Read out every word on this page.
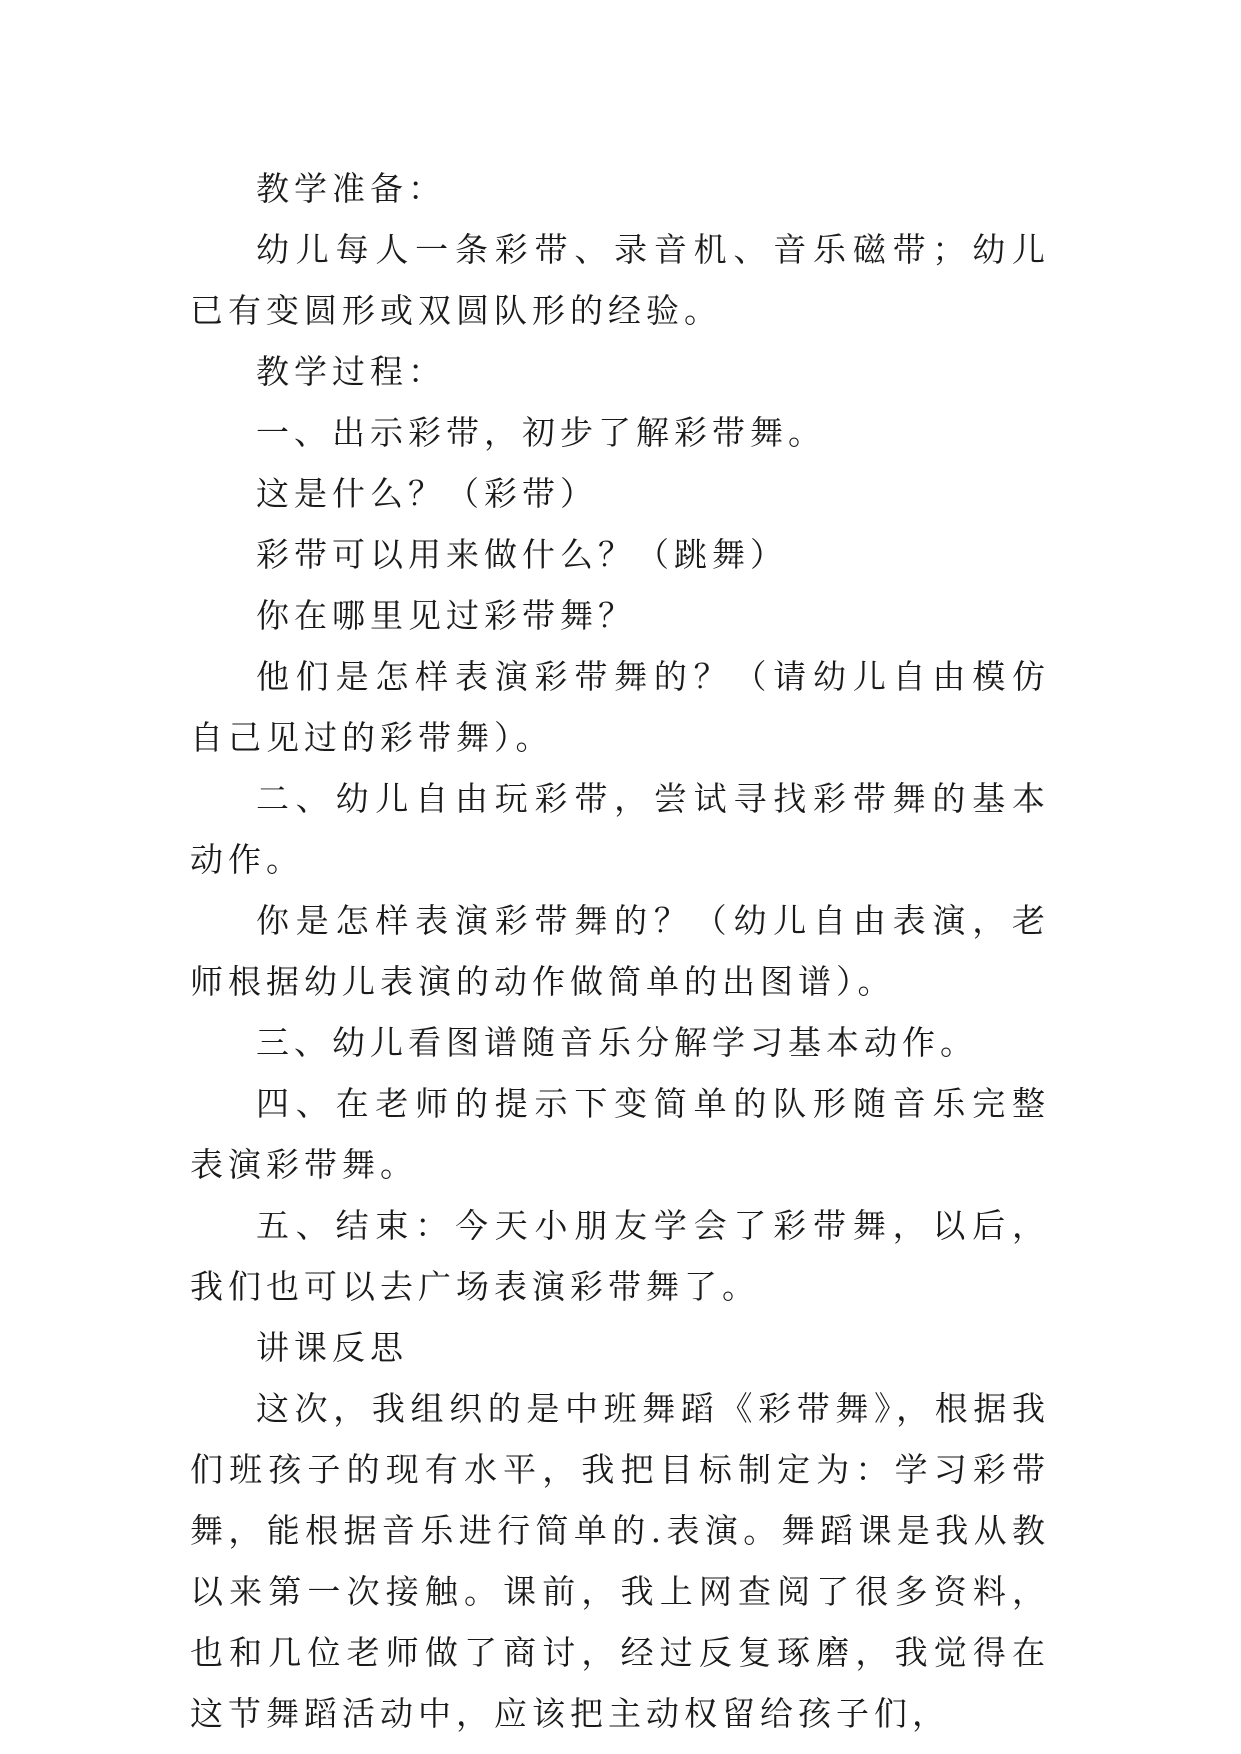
教学准备：

幼儿每人一条彩带、录音机、音乐磁带；幼儿已有变圆形或双圆队形的经验。

教学过程：

一、出示彩带，初步了解彩带舞。

这是什么？（彩带）

彩带可以用来做什么？（跳舞）

你在哪里见过彩带舞？

他们是怎样表演彩带舞的？（请幼儿自由模仿自己见过的彩带舞）。

二、幼儿自由玩彩带，尝试寻找彩带舞的基本动作。

你是怎样表演彩带舞的？（幼儿自由表演，老师根据幼儿表演的动作做简单的出图谱）。

三、幼儿看图谱随音乐分解学习基本动作。

四、在老师的提示下变简单的队形随音乐完整表演彩带舞。

五、结束：今天小朋友学会了彩带舞，以后，我们也可以去广场表演彩带舞了。

讲课反思

这次，我组织的是中班舞蹈《彩带舞》，根据我们班孩子的现有水平，我把目标制定为：学习彩带舞，能根据音乐进行简单的.表演。舞蹈课是我从教以来第一次接触。课前，我上网查阅了很多资料，也和几位老师做了商讨，经过反复琢磨，我觉得在这节舞蹈活动中，应该把主动权留给孩子们，
